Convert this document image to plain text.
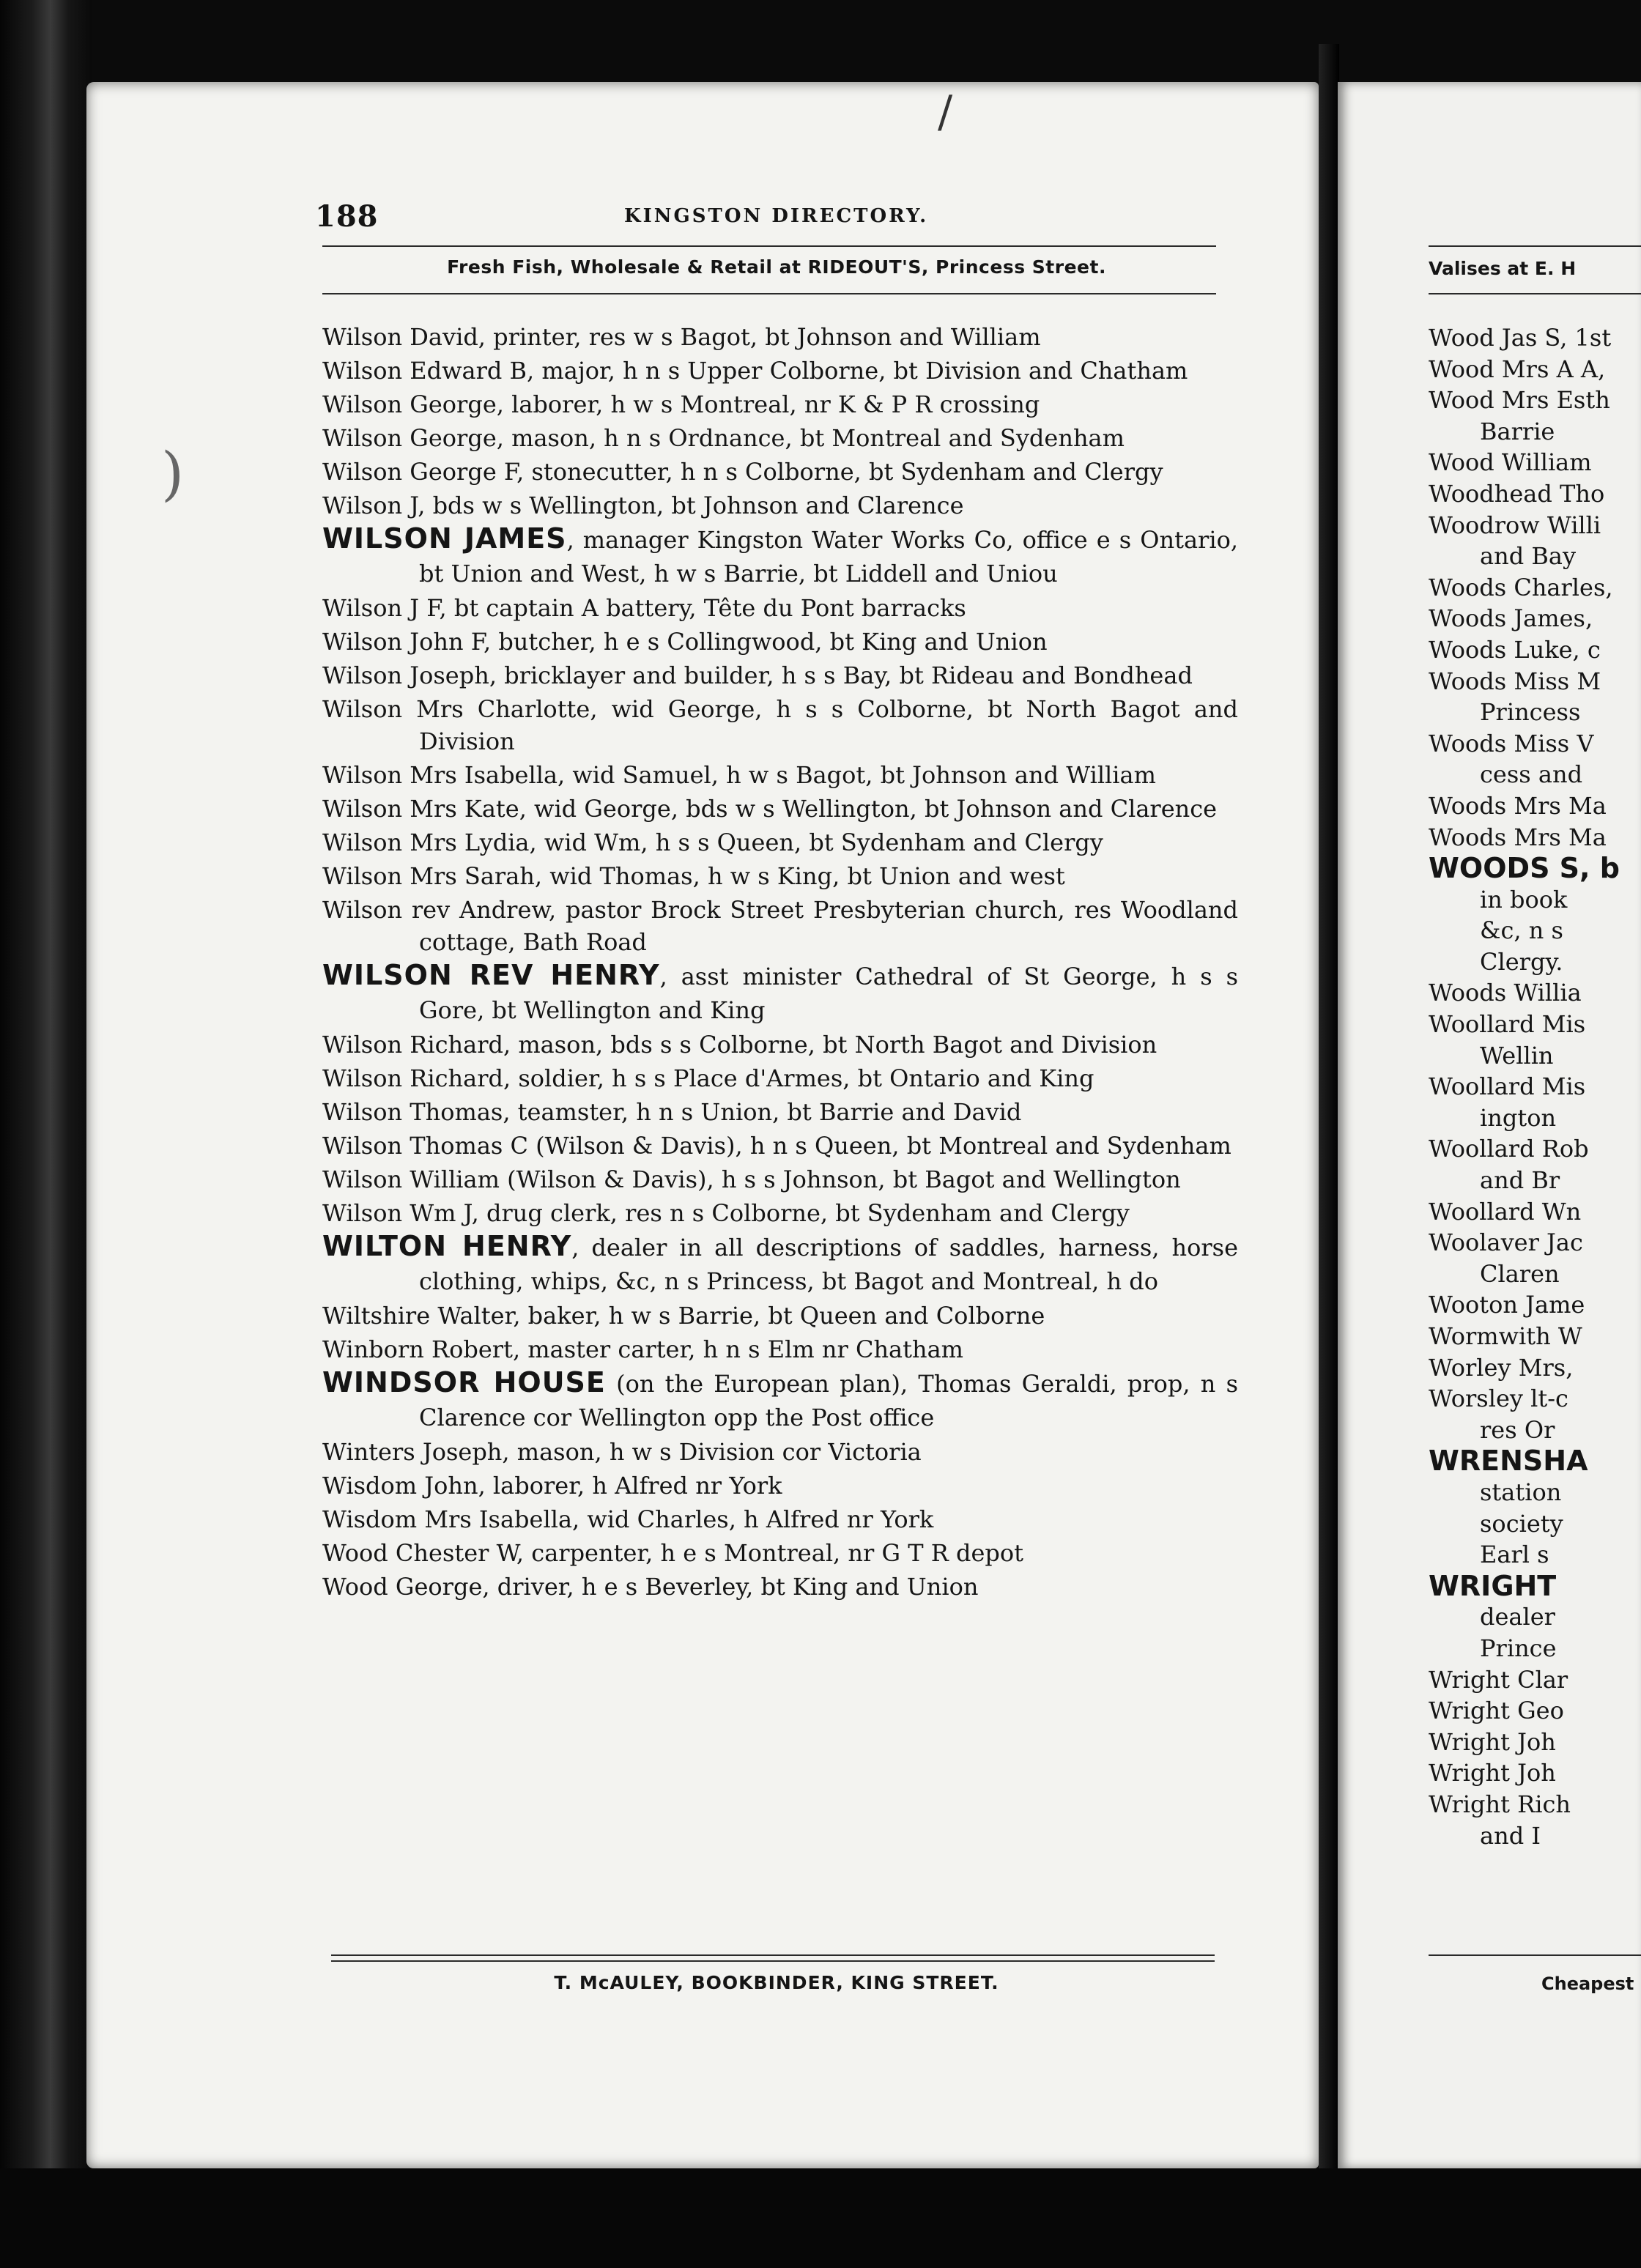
188	KINGSTON DIRECTORY.
Fresh Fish, Wholesale & Retail at RIDEOUT'S, Princess Street.
/
)
Wilson David, printer, res w s Bagot, bt Johnson and William
Wilson Edward B, major, h n s Upper Colborne, bt Division and Chatham
Wilson George, laborer, h w s Montreal, nr K & P R crossing
Wilson George, mason, h n s Ordnance, bt Montreal and Sydenham
Wilson George F, stonecutter, h n s Colborne, bt Sydenham and Clergy
Wilson J, bds w s Wellington, bt Johnson and Clarence
WILSON JAMES, manager Kingston Water Works Co, office e s Ontario, bt Union and West, h w s Barrie, bt Liddell and Uniou
Wilson J F, bt captain A battery, Tête du Pont barracks
Wilson John F, butcher, h e s Collingwood, bt King and Union
Wilson Joseph, bricklayer and builder, h s s Bay, bt Rideau and Bondhead
Wilson Mrs Charlotte, wid George, h s s Colborne, bt North Bagot and Division
Wilson Mrs Isabella, wid Samuel, h w s Bagot, bt Johnson and William
Wilson Mrs Kate, wid George, bds w s Wellington, bt Johnson and Clarence
Wilson Mrs Lydia, wid Wm, h s s Queen, bt Sydenham and Clergy
Wilson Mrs Sarah, wid Thomas, h w s King, bt Union and west
Wilson rev Andrew, pastor Brock Street Presbyterian church, res Woodland cottage, Bath Road
WILSON REV HENRY, asst minister Cathedral of St George, h s s Gore, bt Wellington and King
Wilson Richard, mason, bds s s Colborne, bt North Bagot and Division
Wilson Richard, soldier, h s s Place d'Armes, bt Ontario and King
Wilson Thomas, teamster, h n s Union, bt Barrie and David
Wilson Thomas C (Wilson & Davis), h n s Queen, bt Montreal and Sydenham
Wilson William (Wilson & Davis), h s s Johnson, bt Bagot and Wellington
Wilson Wm J, drug clerk, res n s Colborne, bt Sydenham and Clergy
WILTON HENRY, dealer in all descriptions of saddles, harness, horse clothing, whips, &c, n s Princess, bt Bagot and Montreal, h do
Wiltshire Walter, baker, h w s Barrie, bt Queen and Colborne
Winborn Robert, master carter, h n s Elm nr Chatham
WINDSOR HOUSE (on the European plan), Thomas Geraldi, prop, n s Clarence cor Wellington opp the Post office
Winters Joseph, mason, h w s Division cor Victoria
Wisdom John, laborer, h Alfred nr York
Wisdom Mrs Isabella, wid Charles, h Alfred nr York
Wood Chester W, carpenter, h e s Montreal, nr G T R depot
Wood George, driver, h e s Beverley, bt King and Union
T. McAULEY, BOOKBINDER, KING STREET.
Valises at E. H
Wood Jas S, 1st
Wood Mrs A A,
Wood Mrs Esth
Barrie
Wood William
Woodhead Tho
Woodrow Willi
and Bay
Woods Charles,
Woods James,
Woods Luke, c
Woods Miss M
Princess
Woods Miss V
cess and
Woods Mrs Ma
Woods Mrs Ma
WOODS S, b
in book
&c, n s
Clergy.
Woods Willia
Woollard Mis
Wellin
Woollard Mis
ington
Woollard Rob
and Br
Woollard Wn
Woolaver Jac
Claren
Wooton Jame
Wormwith W
Worley Mrs,
Worsley lt-c
res Or
WRENSHA
station
society
Earl s
WRIGHT
dealer
Prince
Wright Clar
Wright Geo
Wright Joh
Wright Joh
Wright Rich
and I
Cheapest
